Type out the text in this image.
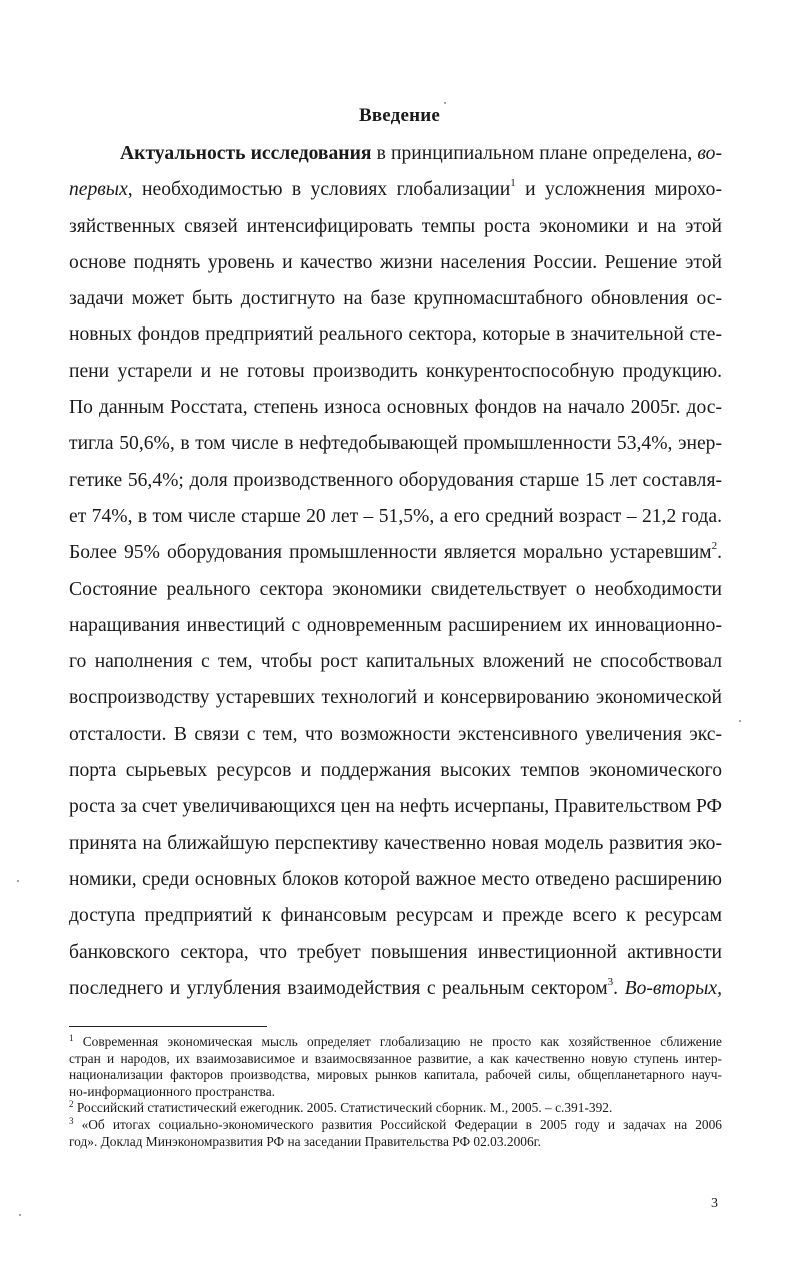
Введение
Актуальность исследования в принципиальном плане определена, во-
первых, необходимостью в условиях глобализации$^1$ и усложнения мирохо-
зяйственных связей интенсифицировать темпы роста экономики и на этой
основе поднять уровень и качество жизни населения России. Решение этой
задачи может быть достигнуто на базе крупномасштабного обновления ос-
новных фондов предприятий реального сектора, которые в значительной сте-
пени устарели и не готовы производить конкурентоспособную продукцию.
По данным Росстата, степень износа основных фондов на начало 2005г. дос-
тигла 50,6%, в том числе в нефтедобывающей промышленности 53,4%, энер-
гетике 56,4%; доля производственного оборудования старше 15 лет составля-
ет 74%, в том числе старше 20 лет – 51,5%, а его средний возраст – 21,2 года.
Более 95% оборудования промышленности является морально устаревшим$^2$.
Состояние реального сектора экономики свидетельствует о необходимости
наращивания инвестиций с одновременным расширением их инновационно-
го наполнения с тем, чтобы рост капитальных вложений не способствовал
воспроизводству устаревших технологий и консервированию экономической
отсталости. В связи с тем, что возможности экстенсивного увеличения экс-
порта сырьевых ресурсов и поддержания высоких темпов экономического
роста за счет увеличивающихся цен на нефть исчерпаны, Правительством РФ
принята на ближайшую перспективу качественно новая модель развития эко-
номики, среди основных блоков которой важное место отведено расширению
доступа предприятий к финансовым ресурсам и прежде всего к ресурсам
банковского сектора, что требует повышения инвестиционной активности
последнего и углубления взаимодействия с реальным сектором$^3$. Во-вторых,
$^1$ Современная экономическая мысль определяет глобализацию не просто как хозяйственное сближение
стран и народов, их взаимозависимое и взаимосвязанное развитие, а как качественно новую ступень интер-
национализации факторов производства, мировых рынков капитала, рабочей силы, общепланетарного науч-
но-информационного пространства.
$^2$ Российский статистический ежегодник. 2005. Статистический сборник. М., 2005. – с.391-392.
$^3$ «Об итогах социально-экономического развития Российской Федерации в 2005 году и задачах на 2006
год». Доклад Минэкономразвития РФ на заседании Правительства РФ 02.03.2006г.
3
